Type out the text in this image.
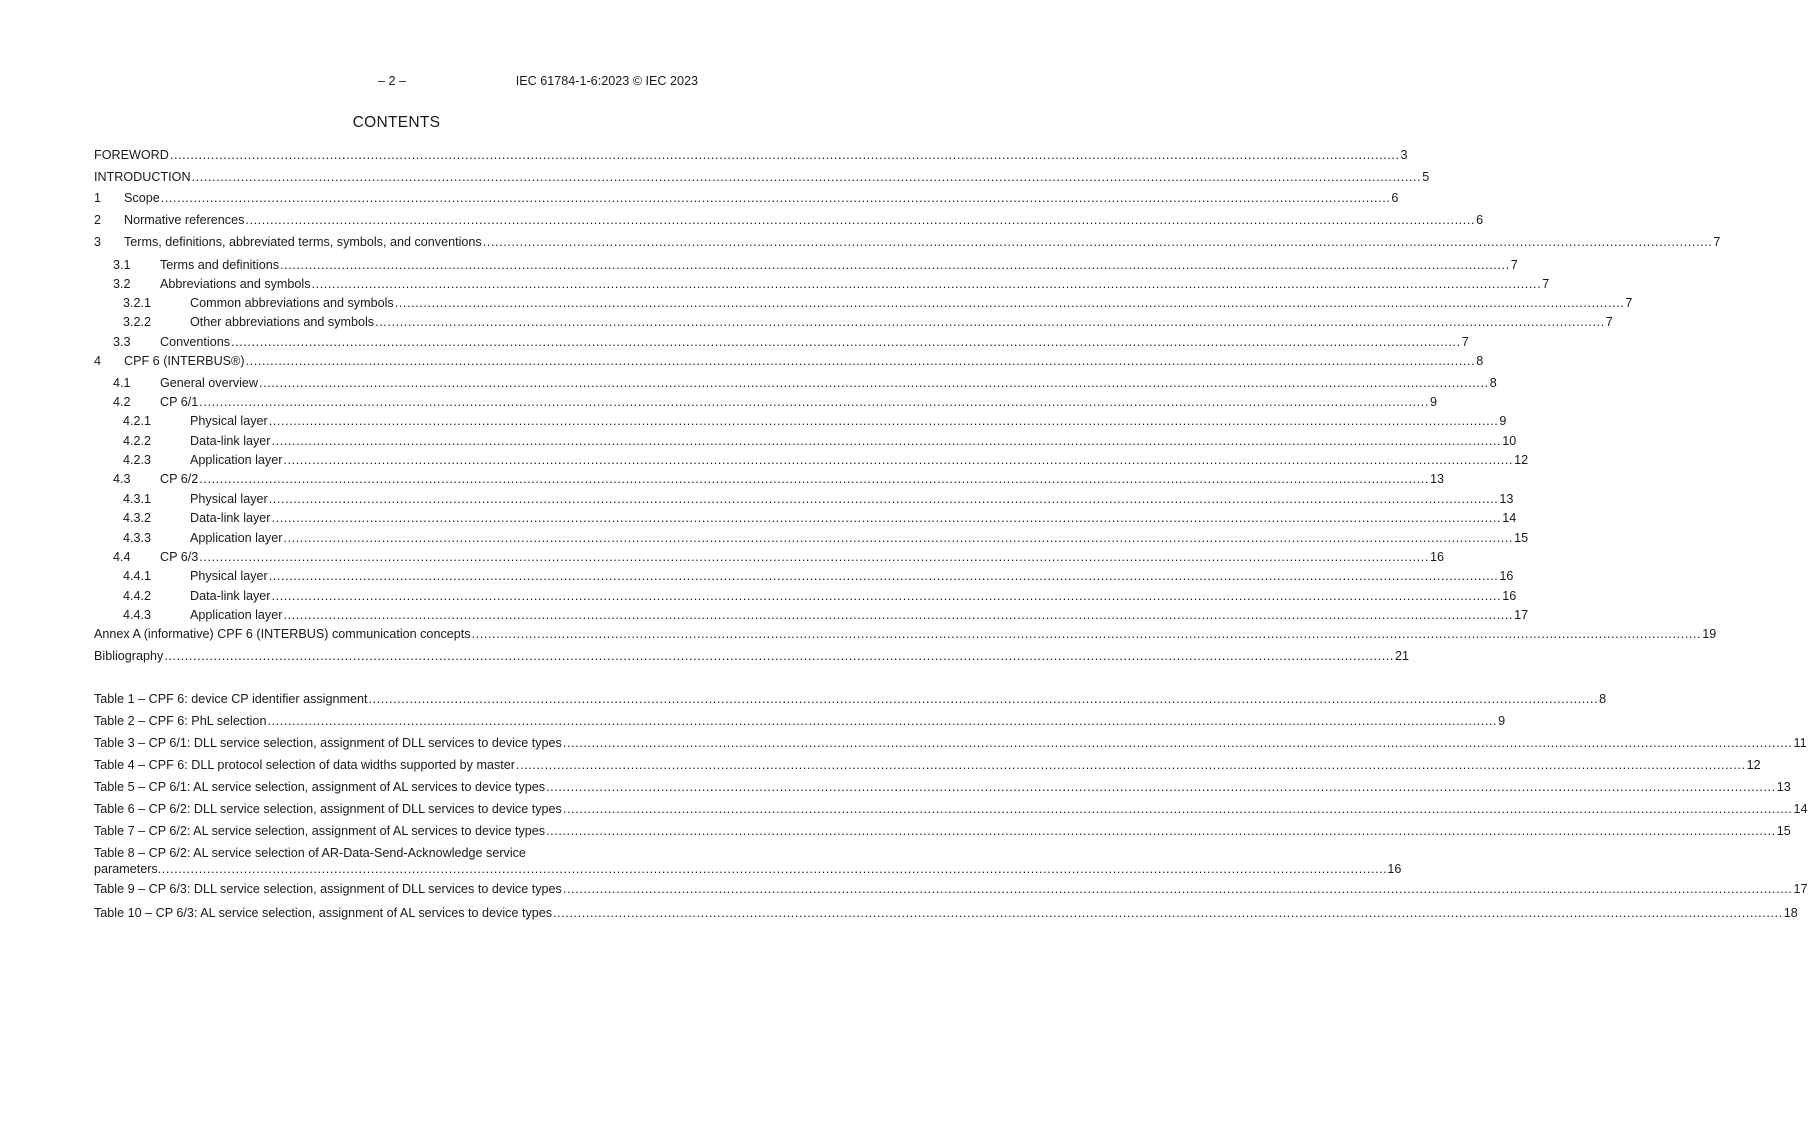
– 2 –	IEC 61784-1-6:2023 © IEC 2023
CONTENTS
FOREWORD ............................................................................................................................................................................................................................................................................................................ 3
INTRODUCTION ............................................................................................................................................................................................................................................................................................................ 5
1 Scope ............................................................................................................................................................................................................................................................................................................ 6
2 Normative references ............................................................................................................................................................................................................................................................................................................ 6
3 Terms, definitions, abbreviated terms, symbols, and conventions ............................................................................................................................................................................................................................................................................................................ 7
3.1 Terms and definitions ............................................................................................................................................................................................................................................................................................................ 7
3.2 Abbreviations and symbols ............................................................................................................................................................................................................................................................................................................ 7
3.2.1	Common abbreviations and symbols ............................................................................................................................................................................................................................................................................................................ 7
3.2.2	Other abbreviations and symbols ............................................................................................................................................................................................................................................................................................................ 7
3.3 Conventions ............................................................................................................................................................................................................................................................................................................ 7
4 CPF 6 (INTERBUS®) ............................................................................................................................................................................................................................................................................................................ 8
4.1 General overview ............................................................................................................................................................................................................................................................................................................ 8
4.2 CP 6/1 ............................................................................................................................................................................................................................................................................................................ 9
4.2.1	Physical layer ............................................................................................................................................................................................................................................................................................................ 9
4.2.2	Data-link layer ............................................................................................................................................................................................................................................................................................................ 10
4.2.3	Application layer ............................................................................................................................................................................................................................................................................................................ 12
4.3 CP 6/2 ............................................................................................................................................................................................................................................................................................................ 13
4.3.1	Physical layer ............................................................................................................................................................................................................................................................................................................ 13
4.3.2	Data-link layer ............................................................................................................................................................................................................................................................................................................ 14
4.3.3	Application layer ............................................................................................................................................................................................................................................................................................................ 15
4.4 CP 6/3 ............................................................................................................................................................................................................................................................................................................ 16
4.4.1	Physical layer ............................................................................................................................................................................................................................................................................................................ 16
4.4.2	Data-link layer ............................................................................................................................................................................................................................................................................................................ 16
4.4.3	Application layer ............................................................................................................................................................................................................................................................................................................ 17
Annex A (informative) CPF 6 (INTERBUS) communication concepts ............................................................................................................................................................................................................................................................................................................ 19
Bibliography ............................................................................................................................................................................................................................................................................................................ 21
Table 1 – CPF 6: device CP identifier assignment ............................................................................................................................................................................................................................................................................................................ 8
Table 2 – CPF 6: PhL selection ............................................................................................................................................................................................................................................................................................................ 9
Table 3 – CP 6/1: DLL service selection, assignment of DLL services to device types ............................................................................................................................................................................................................................................................................................................ 11
Table 4 – CPF 6: DLL protocol selection of data widths supported by master ............................................................................................................................................................................................................................................................................................................ 12
Table 5 – CP 6/1: AL service selection, assignment of AL services to device types ............................................................................................................................................................................................................................................................................................................ 13
Table 6 – CP 6/2: DLL service selection, assignment of DLL services to device types ............................................................................................................................................................................................................................................................................................................ 14
Table 7 – CP 6/2: AL service selection, assignment of AL services to device types ............................................................................................................................................................................................................................................................................................................ 15
Table 8 – CP 6/2: AL service selection of AR-Data-Send-Acknowledge service
parameters ............................................................................................................................................................................................................................................................................................................ 16
Table 9 – CP 6/3: DLL service selection, assignment of DLL services to device types ............................................................................................................................................................................................................................................................................................................ 17
Table 10 – CP 6/3: AL service selection, assignment of AL services to device types ............................................................................................................................................................................................................................................................................................................ 18
